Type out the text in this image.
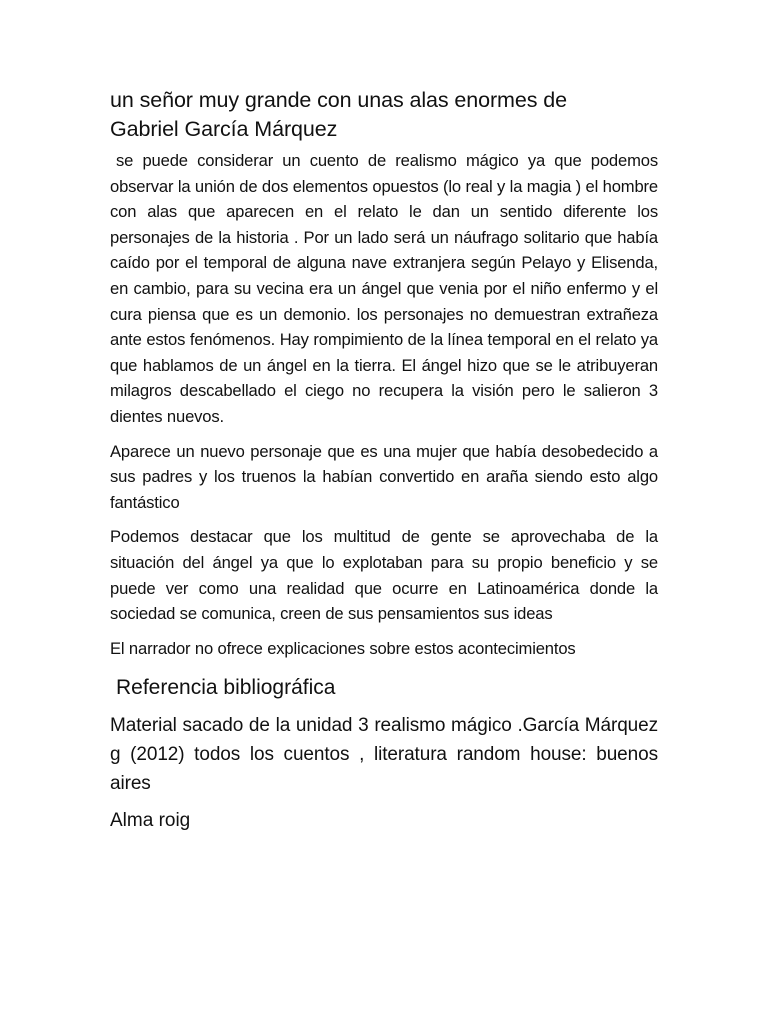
un señor muy grande con unas alas enormes de
Gabriel García Márquez

se puede considerar un cuento de realismo mágico ya que podemos observar la unión de dos elementos opuestos (lo real y la magia ) el hombre con alas que aparecen en el relato le dan un sentido diferente los personajes de la historia . Por un lado será un náufrago solitario que había caído por el temporal de alguna nave extranjera según Pelayo y Elisenda, en cambio, para su vecina era un ángel que venia por el niño enfermo y el cura piensa que es un demonio. los personajes no demuestran extrañeza ante estos fenómenos. Hay rompimiento de la línea temporal en el relato ya que hablamos de un ángel en la tierra. El ángel hizo que se le atribuyeran milagros descabellado el ciego no recupera la visión pero le salieron 3 dientes nuevos.

Aparece un nuevo personaje que es una mujer que había desobedecido a sus padres y los truenos la habían convertido en araña siendo esto algo fantástico

Podemos destacar que los multitud de gente se aprovechaba de la situación del ángel ya que lo explotaban para su propio beneficio y se puede ver como una realidad que ocurre en Latinoamérica donde la sociedad se comunica, creen de sus pensamientos sus ideas

El narrador no ofrece explicaciones sobre estos acontecimientos

Referencia bibliográfica

Material sacado de la unidad 3 realismo mágico .García Márquez g (2012) todos los cuentos , literatura random house: buenos aires

Alma roig
